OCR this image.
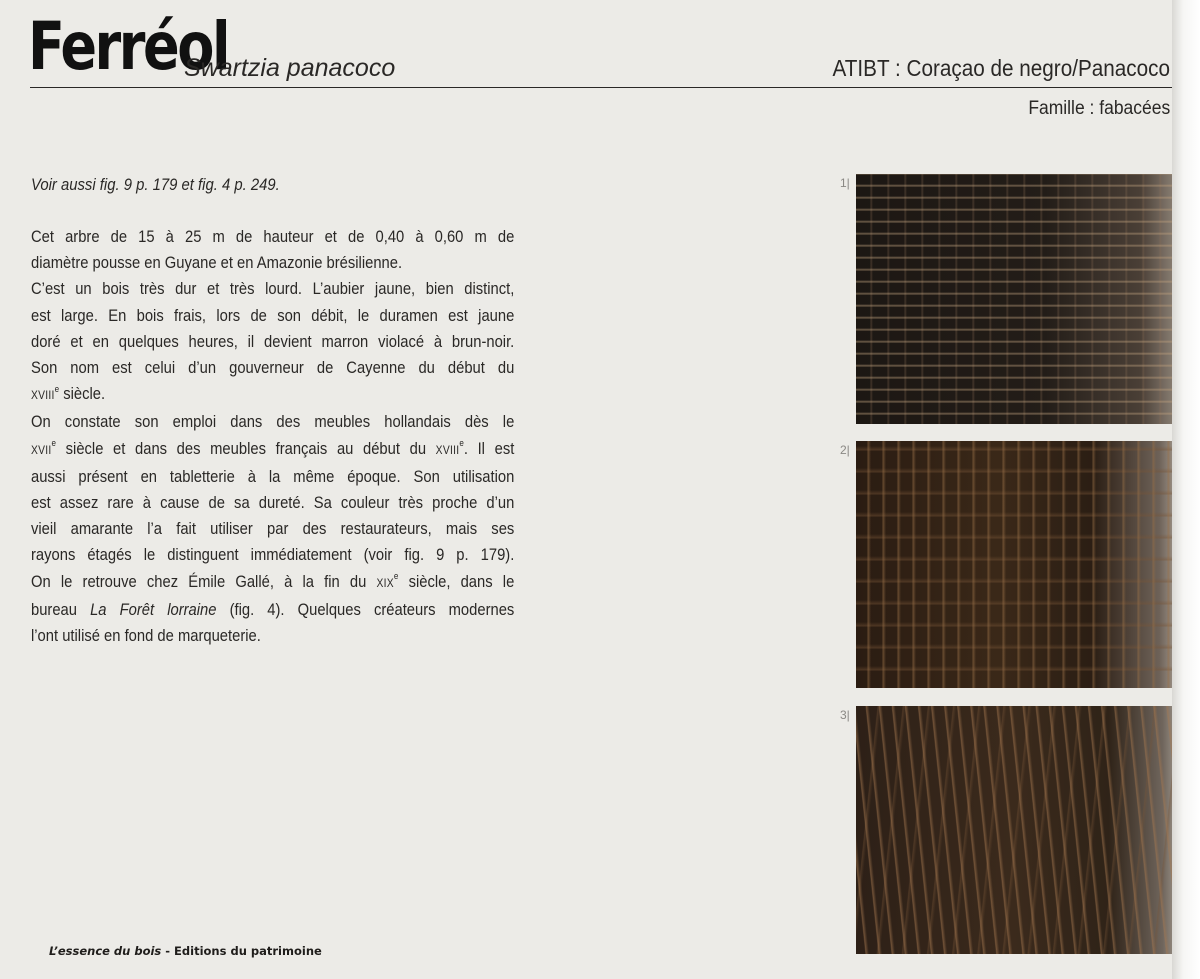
Ferréol
Swartzia panacoco	ATIBT : Coraçao de negro/Panacoco
Famille : fabacées
Voir aussi fig. 9 p. 179 et fig. 4 p. 249.
Cet arbre de 15 à 25 m de hauteur et de 0,40 à 0,60 m de
diamètre pousse en Guyane et en Amazonie brésilienne.
C’est un bois très dur et très lourd. L’aubier jaune, bien distinct,
est large. En bois frais, lors de son débit, le duramen est jaune
doré et en quelques heures, il devient marron violacé à brun-noir.
Son nom est celui d’un gouverneur de Cayenne du début du
XVIIIe siècle.
On constate son emploi dans des meubles hollandais dès le
XVIIe siècle et dans des meubles français au début du XVIIIe. Il est
aussi présent en tabletterie à la même époque. Son utilisation
est assez rare à cause de sa dureté. Sa couleur très proche d’un
vieil amarante l’a fait utiliser par des restaurateurs, mais ses
rayons étagés le distinguent immédiatement (voir fig. 9 p. 179).
On le retrouve chez Émile Gallé, à la fin du XIXe siècle, dans le
bureau La Forêt lorraine (fig. 4). Quelques créateurs modernes
l’ont utilisé en fond de marqueterie.
1|
2|
3|
L’essence du bois - Editions du patrimoine
